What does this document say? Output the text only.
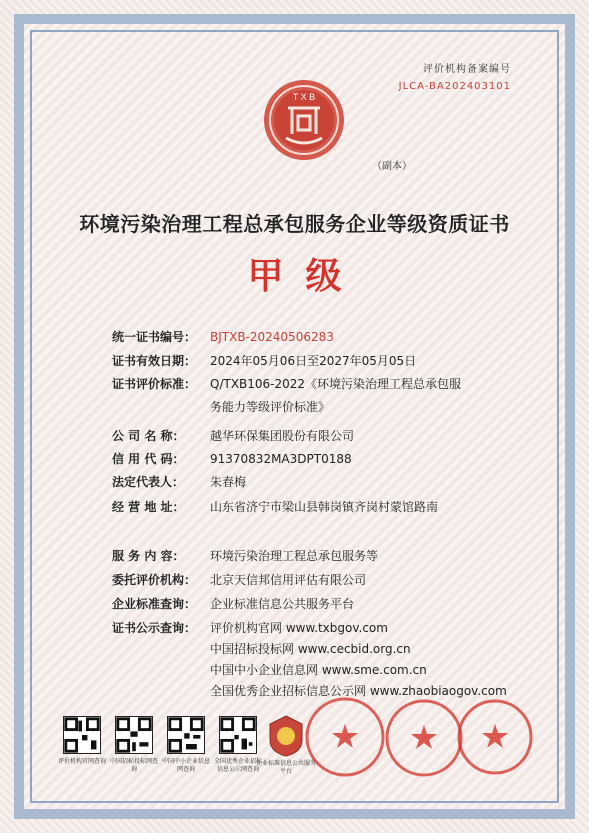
评价机构备案编号
JLCA-BA202403101
T X B
（副本）
环境污染治理工程总承包服务企业等级资质证书
甲级
统一证书编号： BJTXB-20240506283
证书有效日期： 2024年05月06日至2027年05月05日
证书评价标准： Q/TXB106-2022《环境污染治理工程总承包服
务能力等级评价标准》
公 司 名 称： 越华环保集团股份有限公司
信 用 代 码： 91370832MA3DPT0188
法定代表人： 朱春梅
经 营 地 址： 山东省济宁市梁山县韩岗镇齐岗村蒙馆路南
服 务 内 容： 环境污染治理工程总承包服务等
委托评价机构： 北京天信邦信用评估有限公司
企业标准查询： 企业标准信息公共服务平台
证书公示查询： 评价机构官网 www.txbgov.com
中国招标投标网 www.cecbid.org.cn
中国中小企业信息网 www.sme.com.cn
全国优秀企业招标信息公示网 www.zhaobiaogov.com
评价机构官网查询 中国招标投标网查询
中国中小企业信息网查询
全国优秀企业招标信息公示网查询
企业标准信息公共服务平台
